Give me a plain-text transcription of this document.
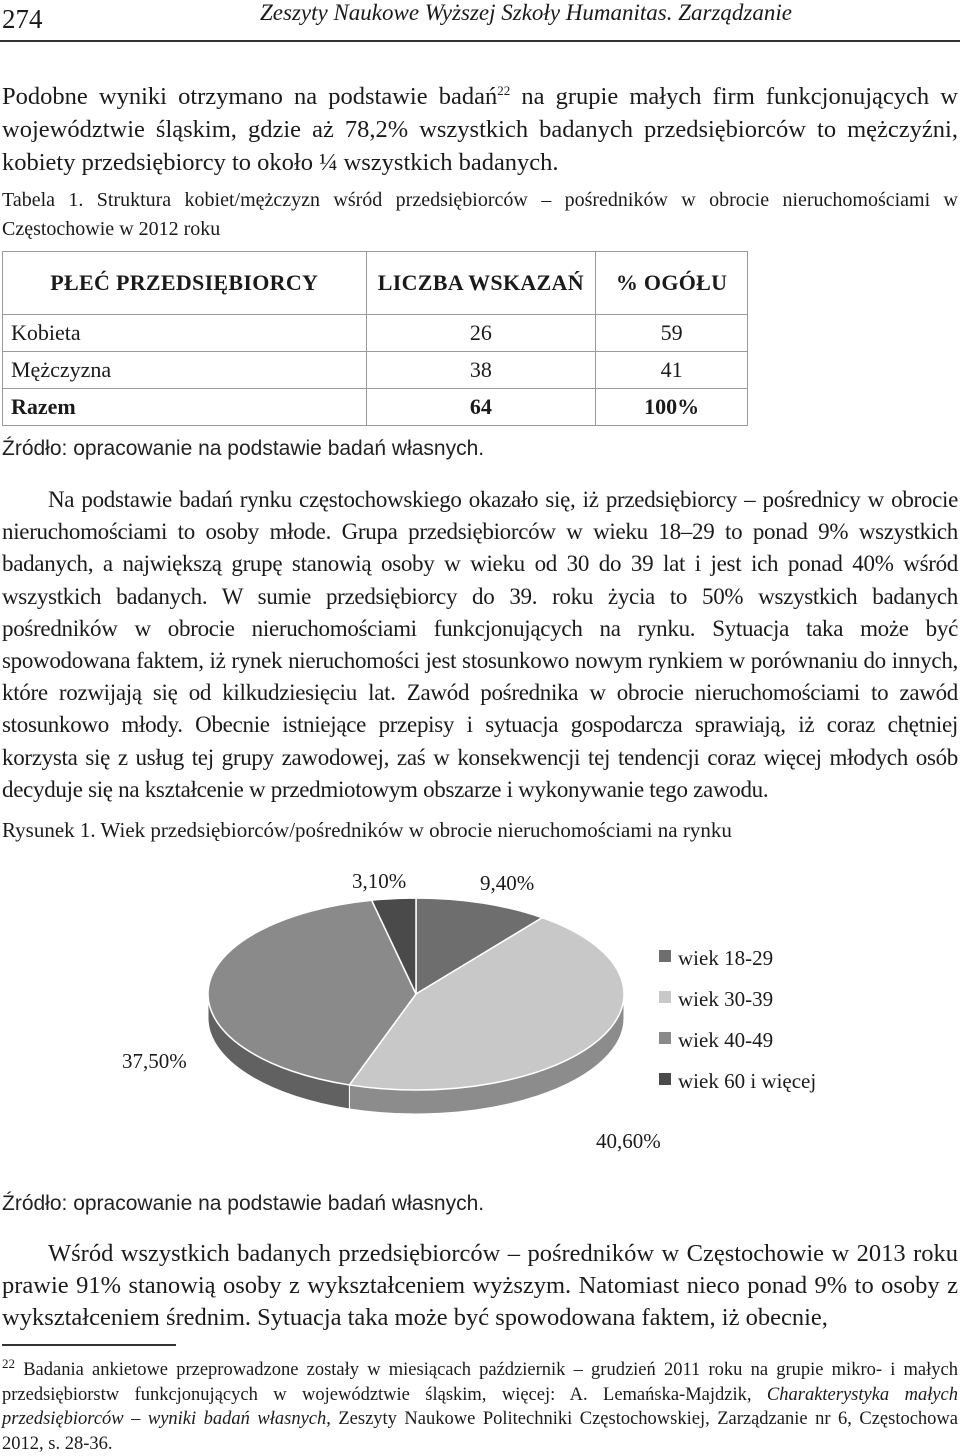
274	Zeszyty Naukowe Wyższej Szkoły Humanitas. Zarządzanie
Podobne wyniki otrzymano na podstawie badań$^{22}$ na grupie małych firm funkcjonujących w województwie śląskim, gdzie aż 78,2% wszystkich badanych przedsiębiorców to mężczyźni, kobiety przedsiębiorcy to około ¼ wszystkich badanych.
Tabela 1. Struktura kobiet/mężczyzn wśród przedsiębiorców – pośredników w obrocie nieruchomościami w Częstochowie w 2012 roku
PŁEĆ PRZEDSIĘBIORCY	LICZBA WSKAZAŃ	% OGÓŁU
Kobieta	26	59
Mężczyzna	38	41
Razem	64	100%
Źródło: opracowanie na podstawie badań własnych.
Na podstawie badań rynku częstochowskiego okazało się, iż przedsiębiorcy – pośrednicy w obrocie nieruchomościami to osoby młode. Grupa przedsiębiorców w wieku 18–29 to ponad 9% wszystkich badanych, a największą grupę stanowią osoby w wieku od 30 do 39 lat i jest ich ponad 40% wśród wszystkich badanych. W sumie przedsiębiorcy do 39. roku życia to 50% wszystkich badanych pośredników w obrocie nieruchomościami funkcjonujących na rynku. Sytuacja taka może być spowodowana faktem, iż rynek nieruchomości jest stosunkowo nowym rynkiem w porównaniu do innych, które rozwijają się od kilkudziesięciu lat. Zawód pośrednika w obrocie nieruchomościami to zawód stosunkowo młody. Obecnie istniejące przepisy i sytuacja gospodarcza sprawiają, iż coraz chętniej korzysta się z usług tej grupy zawodowej, zaś w konsekwencji tej tendencji coraz więcej młodych osób decyduje się na kształcenie w przedmiotowym obszarze i wykonywanie tego zawodu.
Rysunek 1. Wiek przedsiębiorców/pośredników w obrocie nieruchomościami na rynku
9,40%
40,60%
37,50%
3,10%
wiek 18-29
wiek 30-39
wiek 40-49
wiek 60 i więcej
Źródło: opracowanie na podstawie badań własnych.
Wśród wszystkich badanych przedsiębiorców – pośredników w Częstochowie w 2013 roku prawie 91% stanowią osoby z wykształceniem wyższym. Natomiast nieco ponad 9% to osoby z wykształceniem średnim. Sytuacja taka może być spowodowana faktem, iż obecnie,
$^{22}$ Badania ankietowe przeprowadzone zostały w miesiącach październik – grudzień 2011 roku na grupie mikro- i małych przedsiębiorstw funkcjonujących w województwie śląskim, więcej: A. Lemańska-Majdzik, Charakterystyka małych przedsiębiorców – wyniki badań własnych, Zeszyty Naukowe Politechniki Częstochowskiej, Zarządzanie nr 6, Częstochowa 2012, s. 28-36.
